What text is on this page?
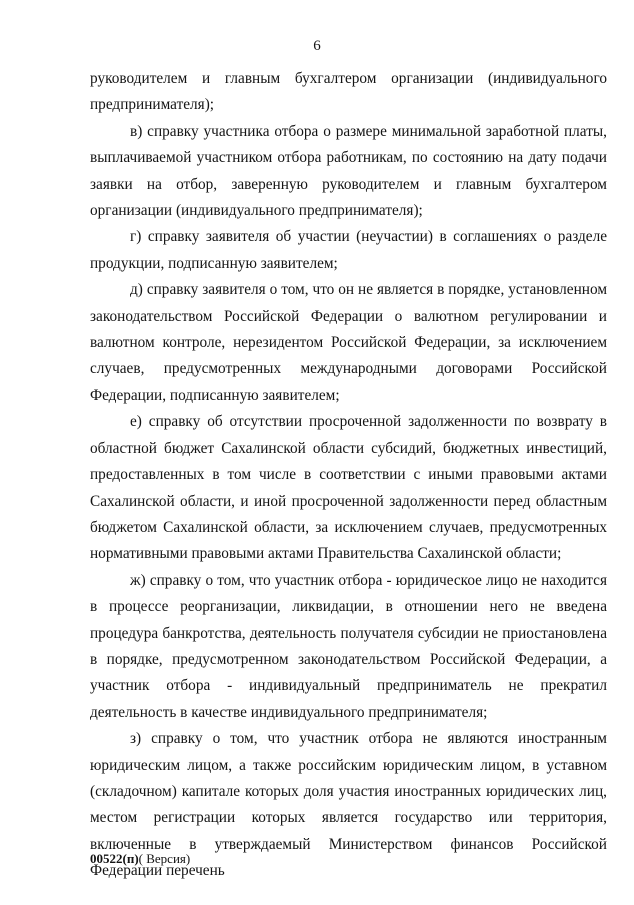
6

руководителем и главным бухгалтером организации (индивидуального предпринимателя);

в) справку участника отбора о размере минимальной заработной платы, выплачиваемой участником отбора работникам, по состоянию на дату подачи заявки на отбор, заверенную руководителем и главным бухгалтером организации (индивидуального предпринимателя);

г) справку заявителя об участии (неучастии) в соглашениях о разделе продукции, подписанную заявителем;

д) справку заявителя о том, что он не является в порядке, установленном законодательством Российской Федерации о валютном регулировании и валютном контроле, нерезидентом Российской Федерации, за исключением случаев, предусмотренных международными договорами Российской Федерации, подписанную заявителем;

е) справку об отсутствии просроченной задолженности по возврату в областной бюджет Сахалинской области субсидий, бюджетных инвестиций, предоставленных в том числе в соответствии с иными правовыми актами Сахалинской области, и иной просроченной задолженности перед областным бюджетом Сахалинской области, за исключением случаев, предусмотренных нормативными правовыми актами Правительства Сахалинской области;

ж) справку о том, что участник отбора - юридическое лицо не находится в процессе реорганизации, ликвидации, в отношении него не введена процедура банкротства, деятельность получателя субсидии не приостановлена в порядке, предусмотренном законодательством Российской Федерации, а участник отбора - индивидуальный предприниматель не прекратил деятельность в качестве индивидуального предпринимателя;

з) справку о том, что участник отбора не являются иностранным юридическим лицом, а также российским юридическим лицом, в уставном (складочном) капитале которых доля участия иностранных юридических лиц, местом регистрации которых является государство или территория, включенные в утверждаемый Министерством финансов Российской Федерации перечень

00522(п)( Версия)
